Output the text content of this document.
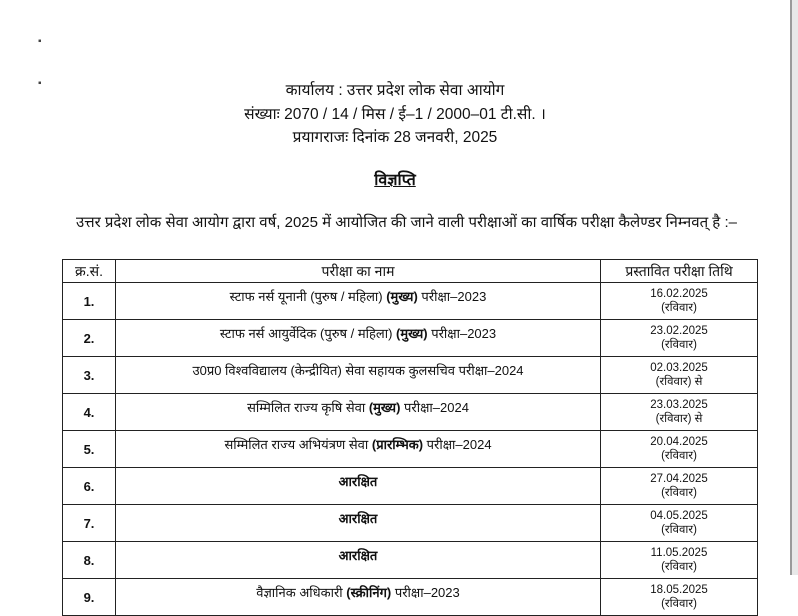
▪
▪	कार्यालय : उत्तर प्रदेश लोक सेवा आयोग
संख्याः 2070 / 14 / मिस / ई–1 / 2000–01 टी.सी. ।
प्रयागराजः दिनांक 28 जनवरी, 2025
विज्ञप्ति
उत्तर प्रदेश लोक सेवा आयोग द्वारा वर्ष, 2025 में आयोजित की जाने वाली परीक्षाओं का वार्षिक परीक्षा कैलेण्डर निम्नवत् है :–
क्र.सं.	परीक्षा का नाम	प्रस्तावित परीक्षा तिथि
1.	स्टाफ नर्स यूनानी (पुरुष / महिला) (मुख्य) परीक्षा–2023	16.02.2025
(रविवार)

2.	स्टाफ नर्स आयुर्वेदिक (पुरुष / महिला) (मुख्य) परीक्षा–2023	23.02.2025
(रविवार)

3.	उ0प्र0 विश्वविद्यालय (केन्द्रीयित) सेवा सहायक कुलसचिव परीक्षा–2024	02.03.2025
(रविवार) से

4.	सम्मिलित राज्य कृषि सेवा (मुख्य) परीक्षा–2024	23.03.2025
(रविवार) से

5.	सम्मिलित राज्य अभियंत्रण सेवा (प्रारम्भिक) परीक्षा–2024	20.04.2025
(रविवार)

6.	आरक्षित	27.04.2025
(रविवार)

7.	आरक्षित	04.05.2025
(रविवार)

8.	आरक्षित	11.05.2025
(रविवार)

9.	वैज्ञानिक अधिकारी (स्क्रीनिंग) परीक्षा–2023	18.05.2025
(रविवार)
